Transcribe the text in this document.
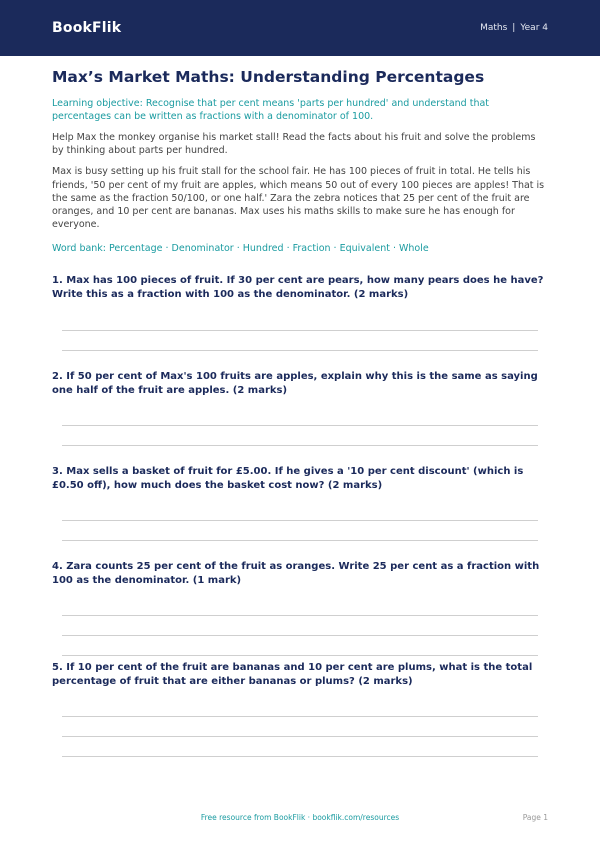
BookFlik	Maths | Year 4
Max’s Market Maths: Understanding Percentages
Learning objective: Recognise that per cent means 'parts per hundred' and understand that percentages can be written as fractions with a denominator of 100.
Help Max the monkey organise his market stall! Read the facts about his fruit and solve the problems by thinking about parts per hundred.
Max is busy setting up his fruit stall for the school fair. He has 100 pieces of fruit in total. He tells his friends, '50 per cent of my fruit are apples, which means 50 out of every 100 pieces are apples! That is the same as the fraction 50/100, or one half.' Zara the zebra notices that 25 per cent of the fruit are oranges, and 10 per cent are bananas. Max uses his maths skills to make sure he has enough for everyone.
Word bank: Percentage · Denominator · Hundred · Fraction · Equivalent · Whole
1. Max has 100 pieces of fruit. If 30 per cent are pears, how many pears does he have? Write this as a fraction with 100 as the denominator. (2 marks)
2. If 50 per cent of Max's 100 fruits are apples, explain why this is the same as saying one half of the fruit are apples. (2 marks)
3. Max sells a basket of fruit for £5.00. If he gives a '10 per cent discount' (which is £0.50 off), how much does the basket cost now? (2 marks)
4. Zara counts 25 per cent of the fruit as oranges. Write 25 per cent as a fraction with 100 as the denominator. (1 mark)
5. If 10 per cent of the fruit are bananas and 10 per cent are plums, what is the total percentage of fruit that are either bananas or plums? (2 marks)
Free resource from BookFlik · bookflik.com/resources	Page 1
